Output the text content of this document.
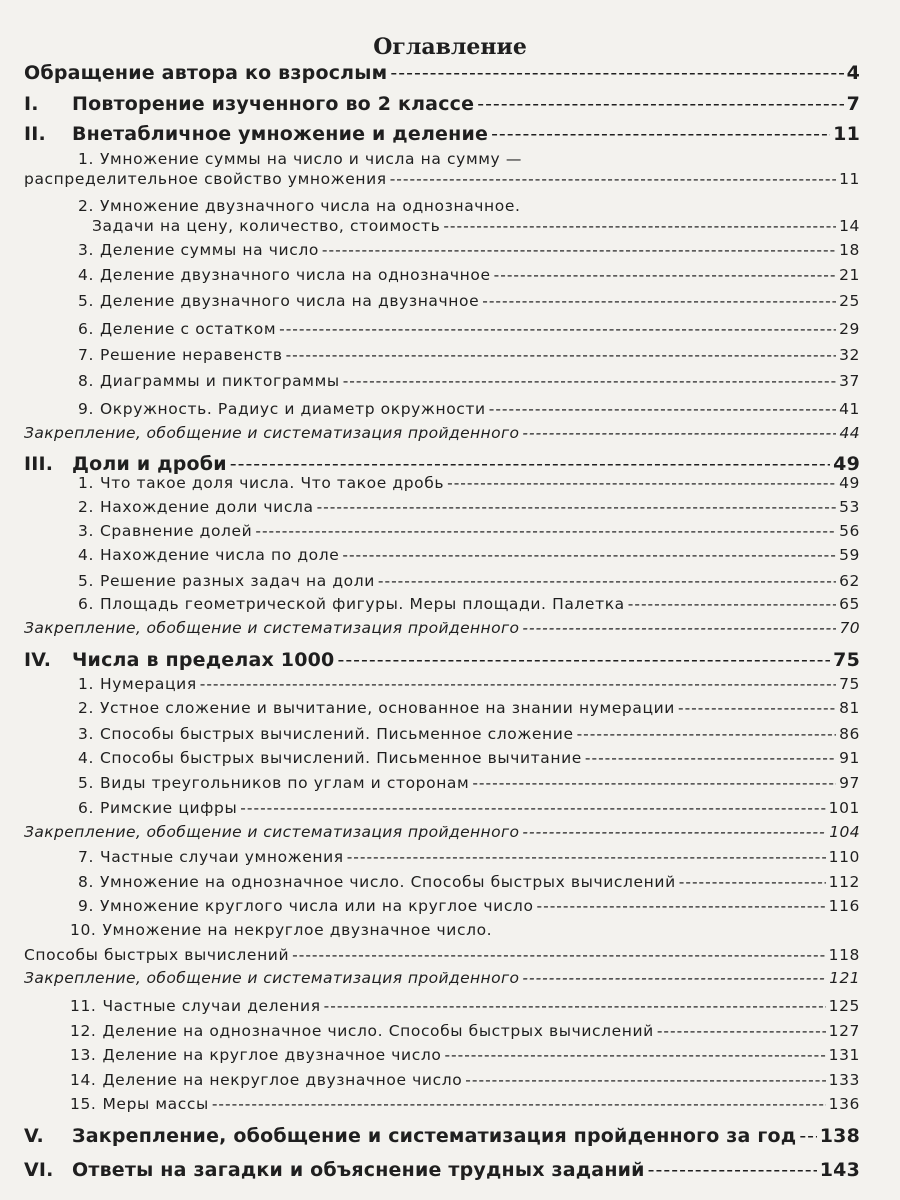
Оглавление
Обращение автора ко взрослым -----	4
I.	Повторение изученного во 2 классе -----	7
II.	Внетабличное умножение и деление -----	11
1. Умножение суммы на число и числа на сумму —
распределительное свойство умножения -----	11
2. Умножение двузначного числа на однозначное.
Задачи на цену, количество, стоимость -----	14
3. Деление суммы на число -----	18
4. Деление двузначного числа на однозначное -----	21
5. Деление двузначного числа на двузначное -----	25
6. Деление с остатком -----	29
7. Решение неравенств -----	32
8. Диаграммы и пиктограммы -----	37
9. Окружность. Радиус и диаметр окружности -----	41
Закрепление, обобщение и систематизация пройденного -----	44
III. Доли и дроби -----	49
1. Что такое доля числа. Что такое дробь -----	49
2. Нахождение доли числа -----	53
3. Сравнение долей -----	56
4. Нахождение числа по доле -----	59
5. Решение разных задач на доли -----	62
6. Площадь геометрической фигуры. Меры площади. Палетка -----	65
Закрепление, обобщение и систематизация пройденного -----	70
IV.	Числа в пределах 1000 -----	75
1. Нумерация -----	75
2. Устное сложение и вычитание, основанное на знании нумерации -----	81
3. Способы быстрых вычислений. Письменное сложение -----	86
4. Способы быстрых вычислений. Письменное вычитание -----	91
5. Виды треугольников по углам и сторонам -----	97
6. Римские цифры -----	101
Закрепление, обобщение и систематизация пройденного -----	104
7. Частные случаи умножения -----	110
8. Умножение на однозначное число. Способы быстрых вычислений -----	112
9. Умножение круглого числа или на круглое число -----	116
10. Умножение на некруглое двузначное число.
Способы быстрых вычислений -----	118
Закрепление, обобщение и систематизация пройденного -----	121
11. Частные случаи деления -----	125
12. Деление на однозначное число. Способы быстрых вычислений -----	127
13. Деление на круглое двузначное число -----	131
14. Деление на некруглое двузначное число -----	133
15. Меры массы -----	136
V.	Закрепление, обобщение и систематизация пройденного за год ----- 138
VI. Ответы на загадки и объяснение трудных заданий -----	143
